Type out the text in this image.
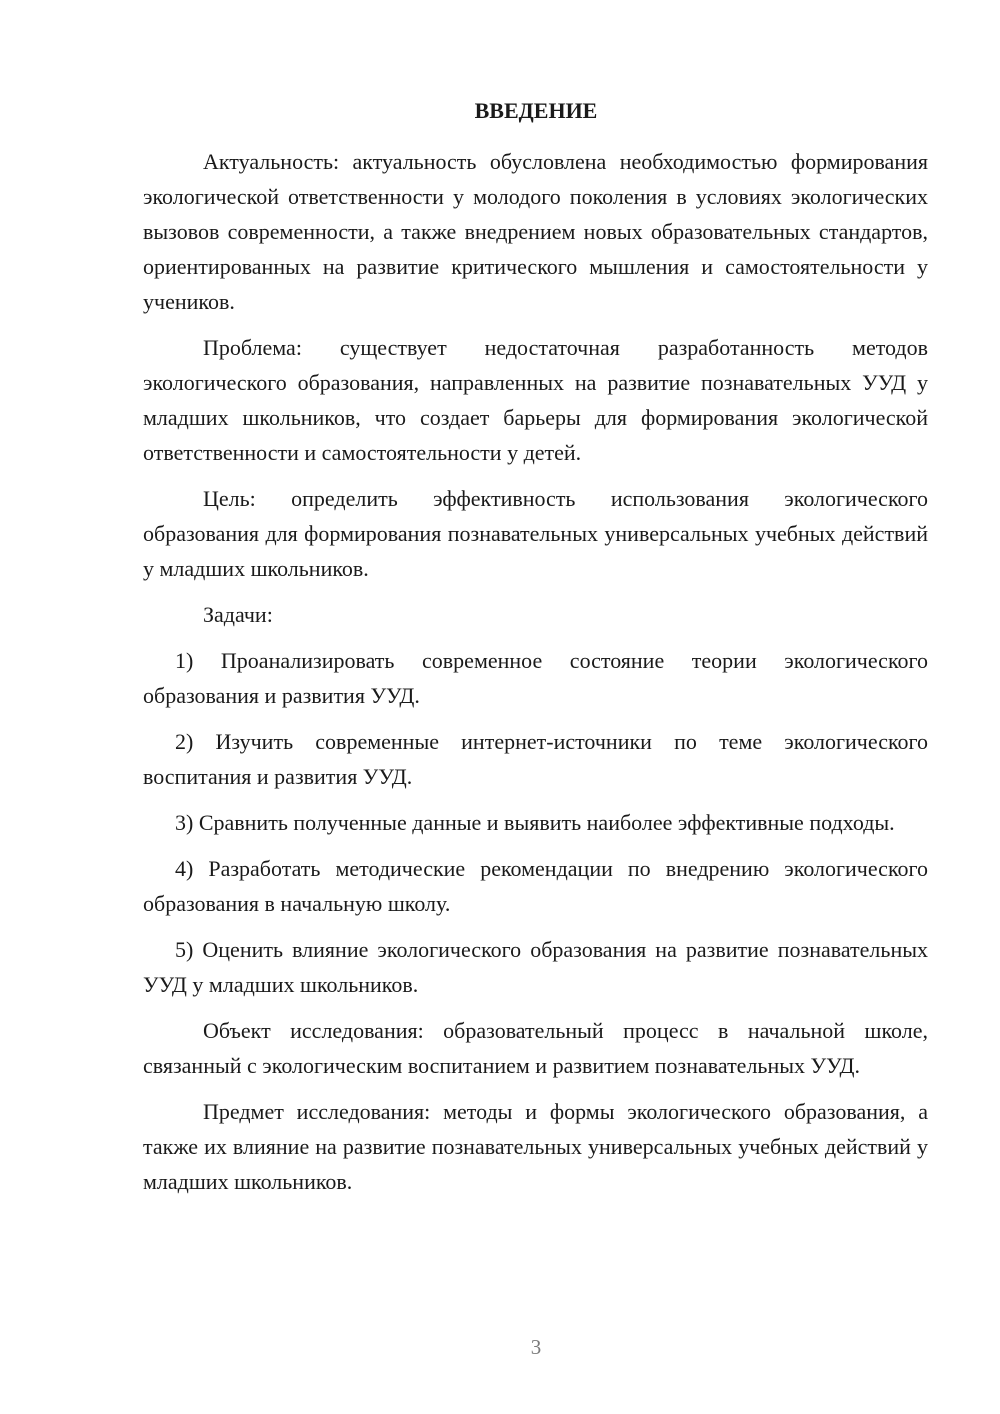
ВВЕДЕНИЕ

Актуальность: актуальность обусловлена необходимостью формирования экологической ответственности у молодого поколения в условиях экологических вызовов современности, а также внедрением новых образовательных стандартов, ориентированных на развитие критического мышления и самостоятельности у учеников.

Проблема: существует недостаточная разработанность методов экологического образования, направленных на развитие познавательных УУД у младших школьников, что создает барьеры для формирования экологической ответственности и самостоятельности у детей.

Цель: определить эффективность использования экологического образования для формирования познавательных универсальных учебных действий у младших школьников.

Задачи:

1) Проанализировать современное состояние теории экологического образования и развития УУД.

2) Изучить современные интернет-источники по теме экологического воспитания и развития УУД.

3) Сравнить полученные данные и выявить наиболее эффективные подходы.

4) Разработать методические рекомендации по внедрению экологического образования в начальную школу.

5) Оценить влияние экологического образования на развитие познавательных УУД у младших школьников.

Объект исследования: образовательный процесс в начальной школе, связанный с экологическим воспитанием и развитием познавательных УУД.

Предмет исследования: методы и формы экологического образования, а также их влияние на развитие познавательных универсальных учебных действий у младших школьников.

3
